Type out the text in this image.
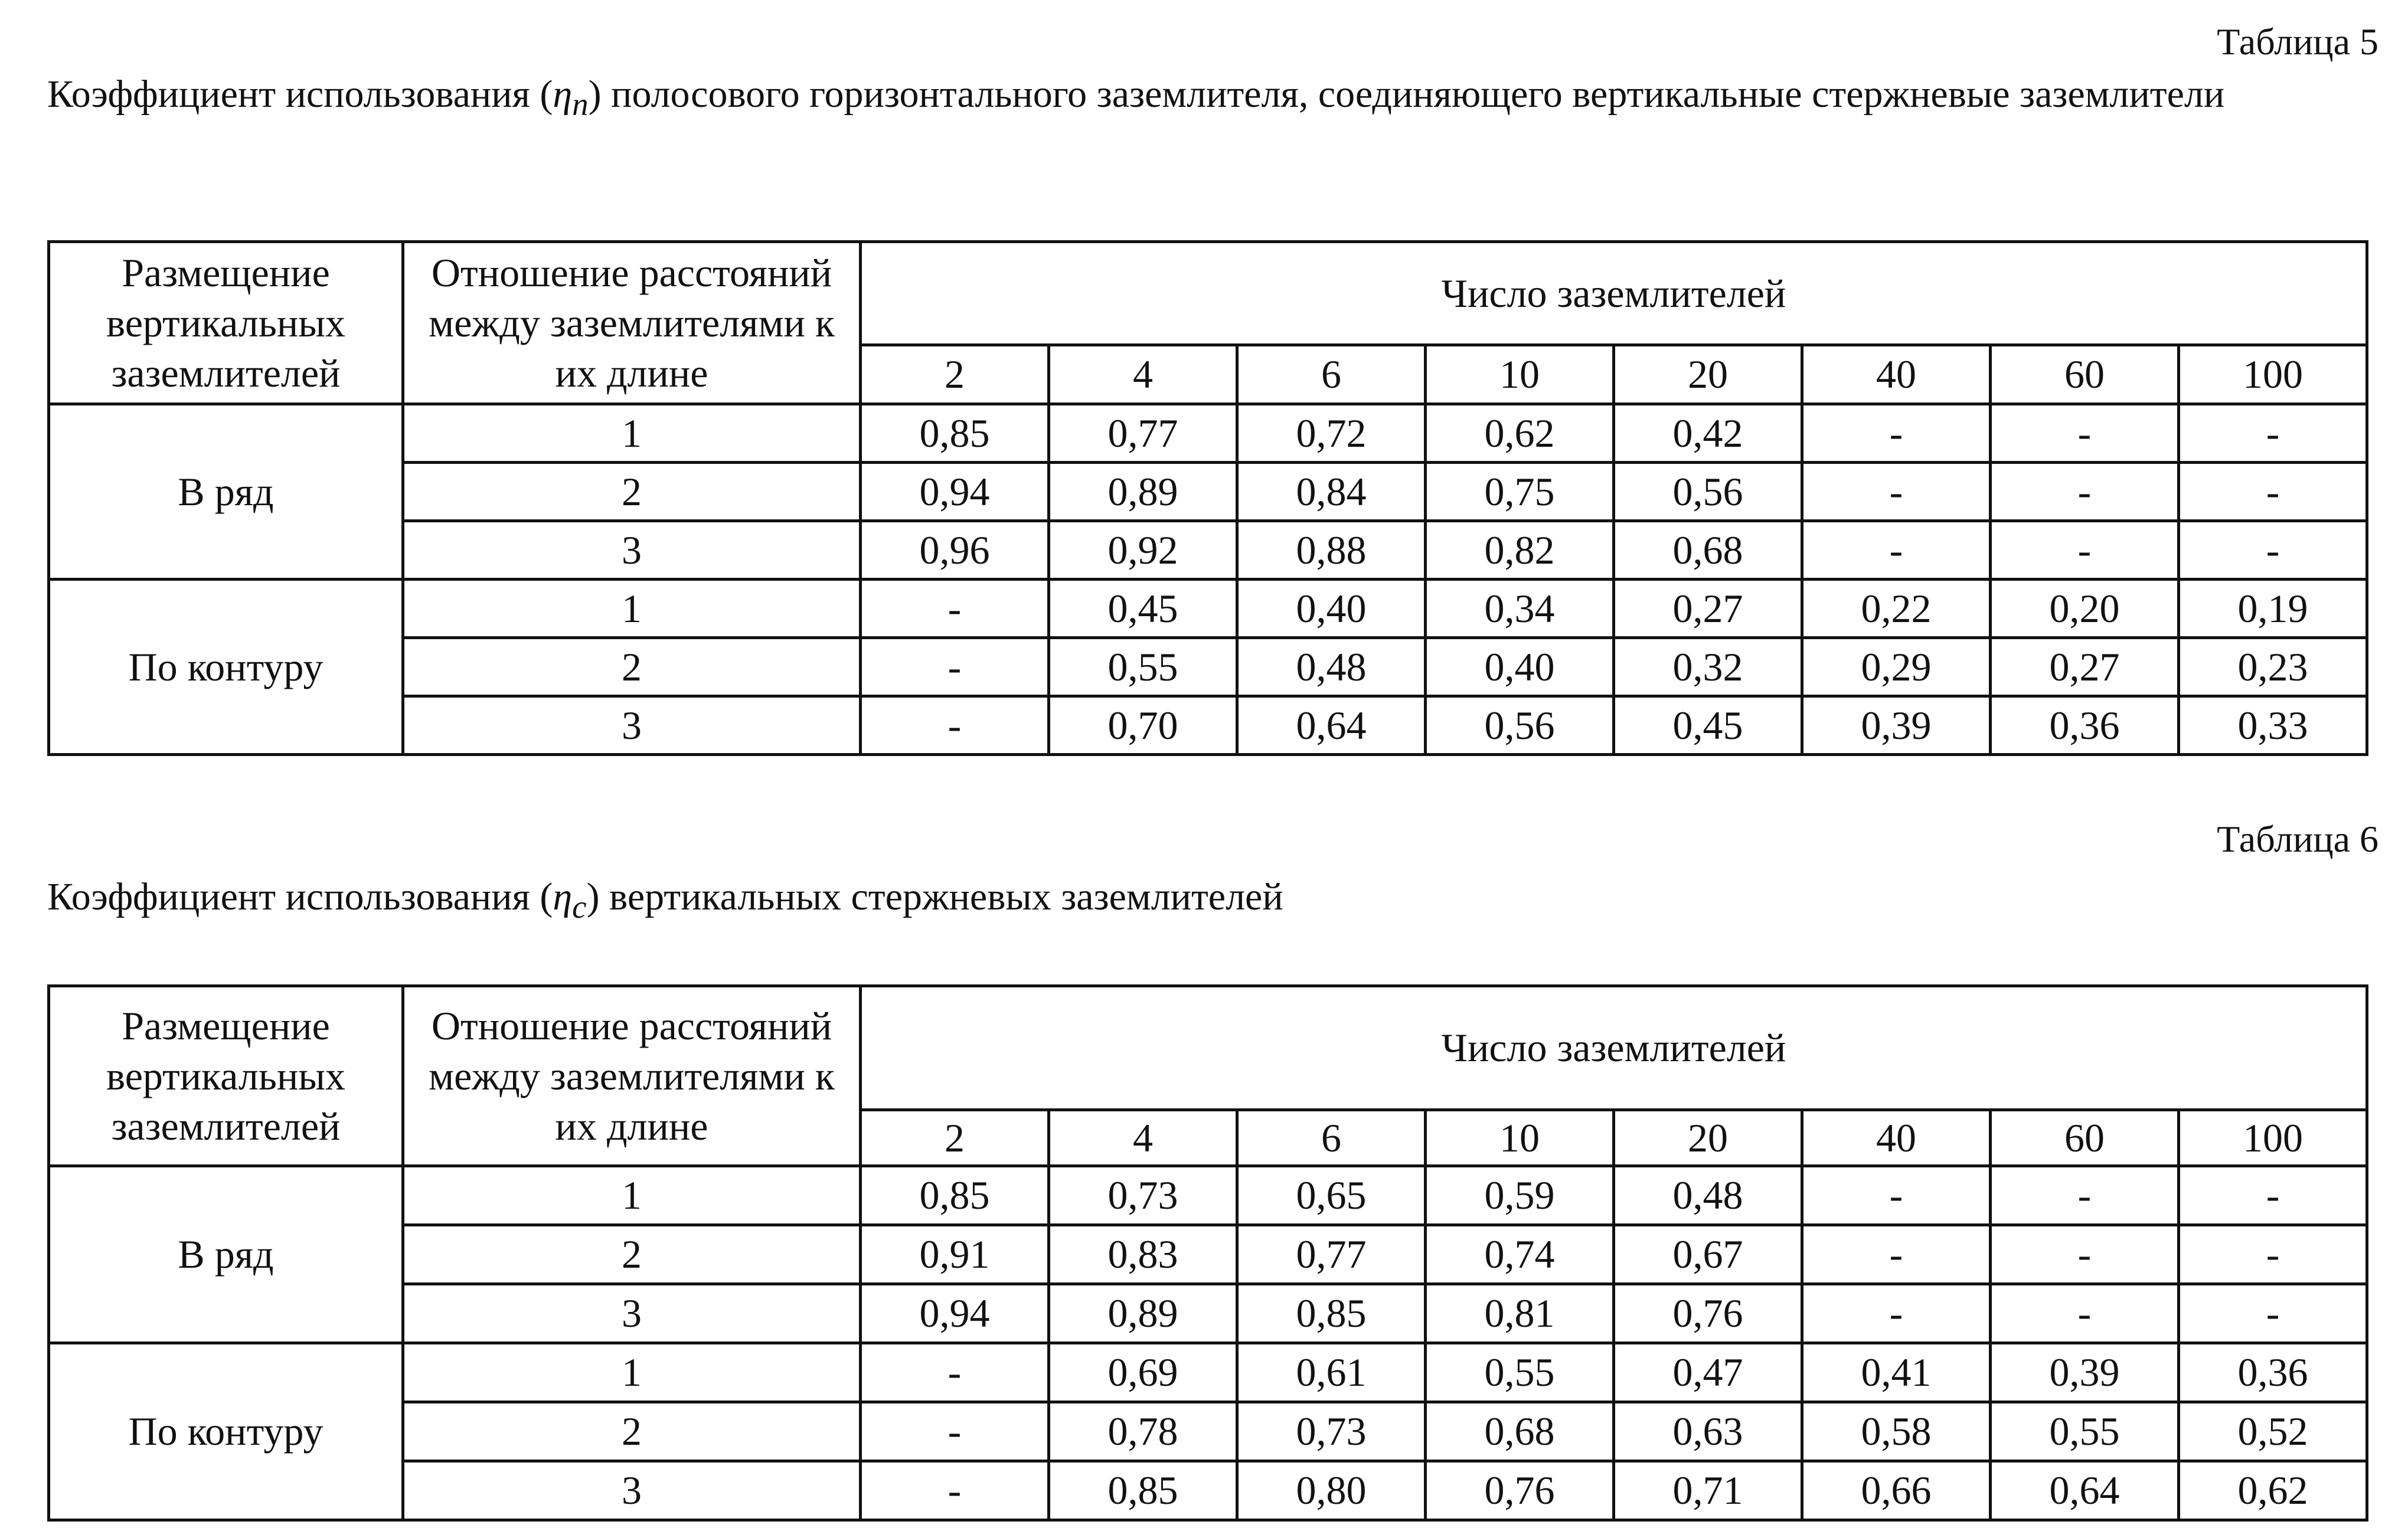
Таблица 5
Коэффициент использования $(\eta_п)$ полосового горизонтального заземлителя, соединяющего вертикальные стержневые заземлители
Размещение вертикальных заземлителей	Отношение расстояний между заземлителями к их длине	Число заземлителей							
		2	4	6	10	20	40	60	100
В ряд	1	0,85	0,77	0,72	0,62	0,42	-	-	-
	2	0,94	0,89	0,84	0,75	0,56	-	-	-
	3	0,96	0,92	0,88	0,82	0,68	-	-	-
По контуру	1	-	0,45	0,40	0,34	0,27	0,22	0,20	0,19
	2	-	0,55	0,48	0,40	0,32	0,29	0,27	0,23
	3	-	0,70	0,64	0,56	0,45	0,39	0,36	0,33
Таблица 6
Коэффициент использования $(\eta_с)$ вертикальных стержневых заземлителей
Размещение вертикальных заземлителей	Отношение расстояний между заземлителями к их длине	Число заземлителей							
		2	4	6	10	20	40	60	100
В ряд	1	0,85	0,73	0,65	0,59	0,48	-	-	-
	2	0,91	0,83	0,77	0,74	0,67	-	-	-
	3	0,94	0,89	0,85	0,81	0,76	-	-	-
По контуру	1	-	0,69	0,61	0,55	0,47	0,41	0,39	0,36
	2	-	0,78	0,73	0,68	0,63	0,58	0,55	0,52
	3	-	0,85	0,80	0,76	0,71	0,66	0,64	0,62
